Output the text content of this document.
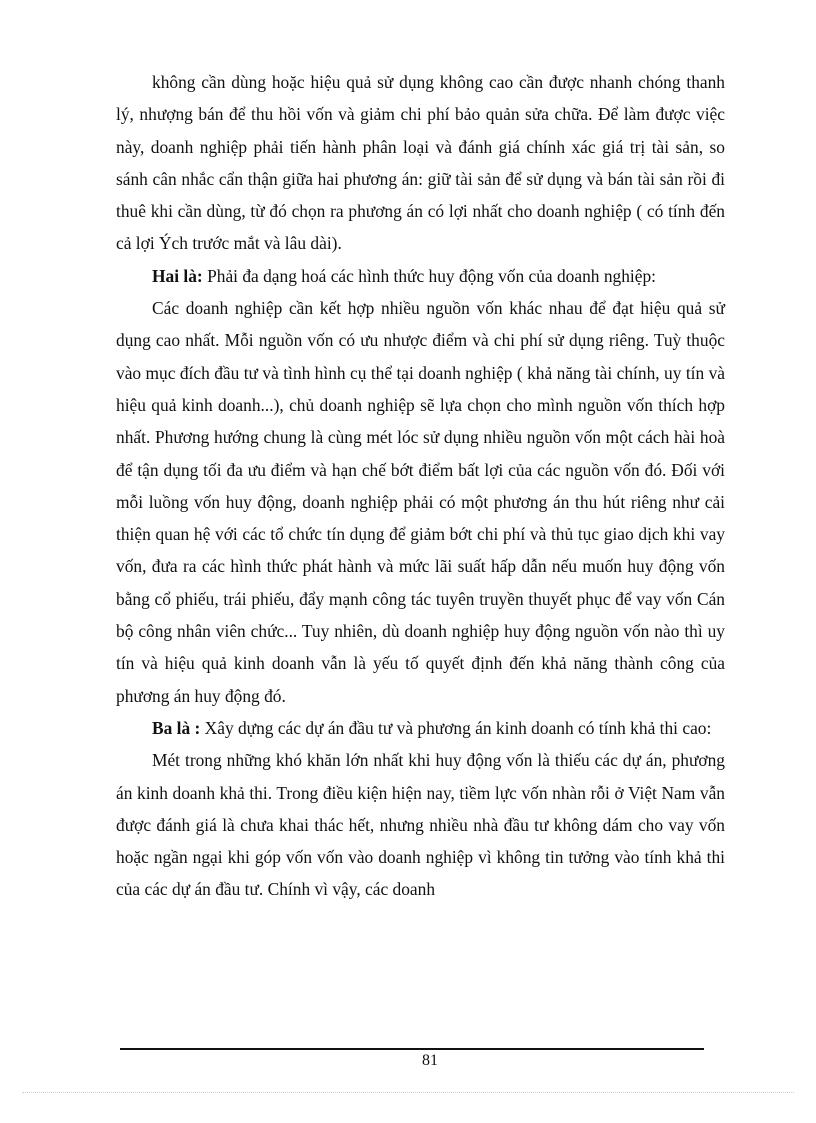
không cần dùng hoặc hiệu quả sử dụng không cao cần được nhanh chóng thanh lý, nhượng bán để thu hồi vốn và giảm chi phí bảo quản sửa chữa. Để làm được việc này, doanh nghiệp phải tiến hành phân loại và đánh giá chính xác giá trị tài sản, so sánh cân nhắc cẩn thận giữa hai phương án: giữ tài sản để sử dụng và bán tài sản rồi đi thuê khi cần dùng, từ đó chọn ra phương án có lợi nhất cho doanh nghiệp ( có tính đến cả lợi Ých trước mắt và lâu dài).

Hai là: Phải đa dạng hoá các hình thức huy động vốn của doanh nghiệp:

Các doanh nghiệp cần kết hợp nhiều nguồn vốn khác nhau để đạt hiệu quả sử dụng cao nhất. Mỗi nguồn vốn có ưu nhược điểm và chi phí sử dụng riêng. Tuỳ thuộc vào mục đích đầu tư và tình hình cụ thể tại doanh nghiệp ( khả năng tài chính, uy tín và hiệu quả kinh doanh...), chủ doanh nghiệp sẽ lựa chọn cho mình nguồn vốn thích hợp nhất. Phương hướng chung là cùng mét lóc sử dụng nhiều nguồn vốn một cách hài hoà để tận dụng tối đa ưu điểm và hạn chế bớt điểm bất lợi của các nguồn vốn đó. Đối với mỗi luồng vốn huy động, doanh nghiệp phải có một phương án thu hút riêng như cải thiện quan hệ với các tổ chức tín dụng để giảm bớt chi phí và thủ tục giao dịch khi vay vốn, đưa ra các hình thức phát hành và mức lãi suất hấp dẫn nếu muốn huy động vốn bằng cổ phiếu, trái phiếu, đẩy mạnh công tác tuyên truyền thuyết phục để vay vốn Cán bộ công nhân viên chức... Tuy nhiên, dù doanh nghiệp huy động nguồn vốn nào thì uy tín và hiệu quả kinh doanh vẫn là yếu tố quyết định đến khả năng thành công của phương án huy động đó.

Ba là : Xây dựng các dự án đầu tư và phương án kinh doanh có tính khả thi cao:

Mét trong những khó khăn lớn nhất khi huy động vốn là thiếu các dự án, phương án kinh doanh khả thi. Trong điều kiện hiện nay, tiềm lực vốn nhàn rỗi ở Việt Nam vẫn được đánh giá là chưa khai thác hết, nhưng nhiều nhà đầu tư không dám cho vay vốn hoặc ngần ngại khi góp vốn vốn vào doanh nghiệp vì không tin tưởng vào tính khả thi của các dự án đầu tư. Chính vì vậy, các doanh

81
